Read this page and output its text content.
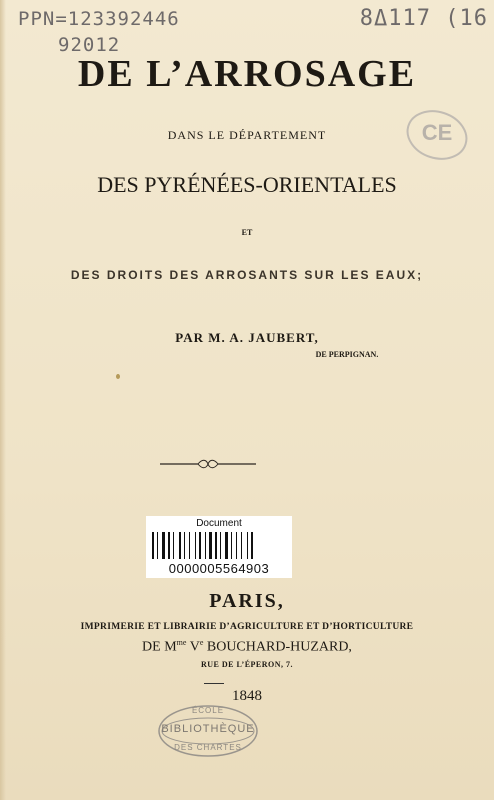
PPN=123392446
92012
8Δ117 (16
CE
DE L’ARROSAGE
DANS LE DÉPARTEMENT
DES PYRÉNÉES-ORIENTALES
ET
DES DROITS DES ARROSANTS SUR LES EAUX;
PAR M. A. JAUBERT,
DE PERPIGNAN.
Document
0000005564903
PARIS,
IMPRIMERIE ET LIBRAIRIE D’AGRICULTURE ET D’HORTICULTURE
DE $M^{me}$ Ve BOUCHARD-HUZARD,
RUE DE L’ÉPERON, 7.
1848
ÉCOLE
BIBLIOTHÈQUE
DES CHARTES
